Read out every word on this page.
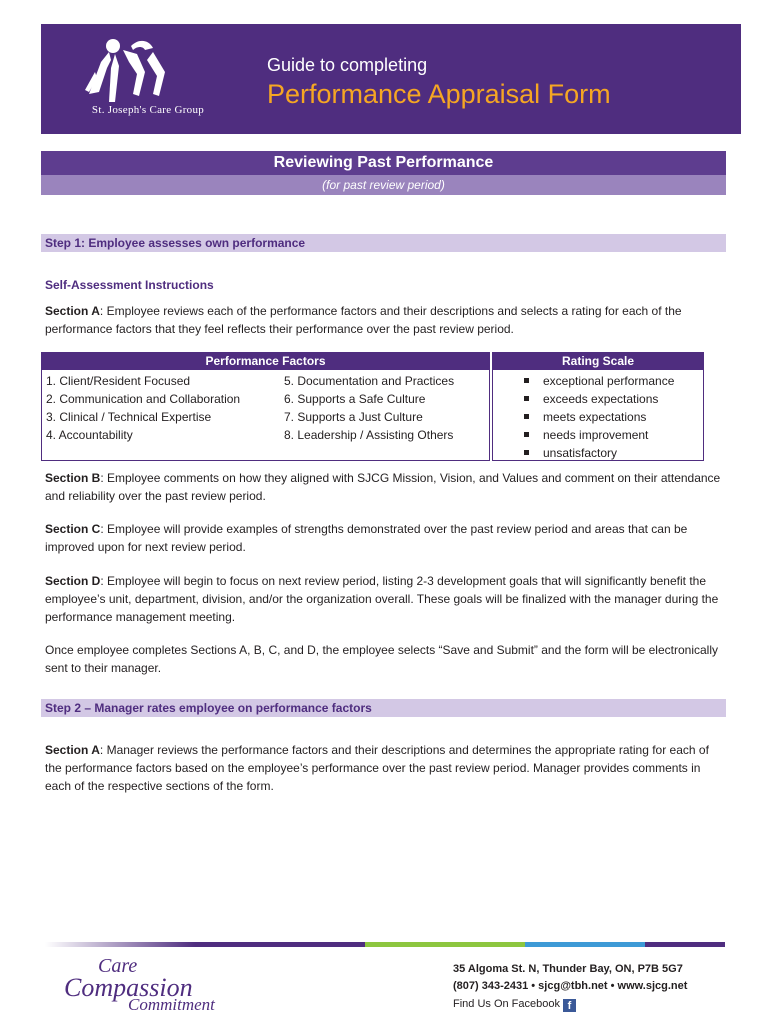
St. Joseph's Care Group
Guide to completing
Performance Appraisal Form
Reviewing Past Performance
(for past review period)
Step 1: Employee assesses own performance
Self-Assessment Instructions
Section A: Employee reviews each of the performance factors and their descriptions and selects a rating for each of the performance factors that they feel reflects their performance over the past review period.
Performance Factors	Rating Scale
1. Client/Resident Focused
2. Communication and Collaboration
3. Clinical / Technical Expertise
4. Accountability
5. Documentation and Practices
6. Supports a Safe Culture
7. Supports a Just Culture
8. Leadership / Assisting Others
exceptional performance
exceeds expectations
meets expectations
needs improvement
unsatisfactory
Section B: Employee comments on how they aligned with SJCG Mission, Vision, and Values and comment on their attendance and reliability over the past review period.
Section C: Employee will provide examples of strengths demonstrated over the past review period and areas that can be improved upon for next review period.
Section D: Employee will begin to focus on next review period, listing 2-3 development goals that will significantly benefit the employee’s unit, department, division, and/or the organization overall. These goals will be finalized with the manager during the performance management meeting.
Once employee completes Sections A, B, C, and D, the employee selects “Save and Submit” and the form will be electronically sent to their manager.
Step 2 – Manager rates employee on performance factors
Section A: Manager reviews the performance factors and their descriptions and determines the appropriate rating for each of the performance factors based on the employee’s performance over the past review period. Manager provides comments in each of the respective sections of the form.
Care
Compassion
Commitment
35 Algoma St. N, Thunder Bay, ON, P7B 5G7
(807) 343-2431 • sjcg@tbh.net • www.sjcg.net
Find Us On Facebook f
